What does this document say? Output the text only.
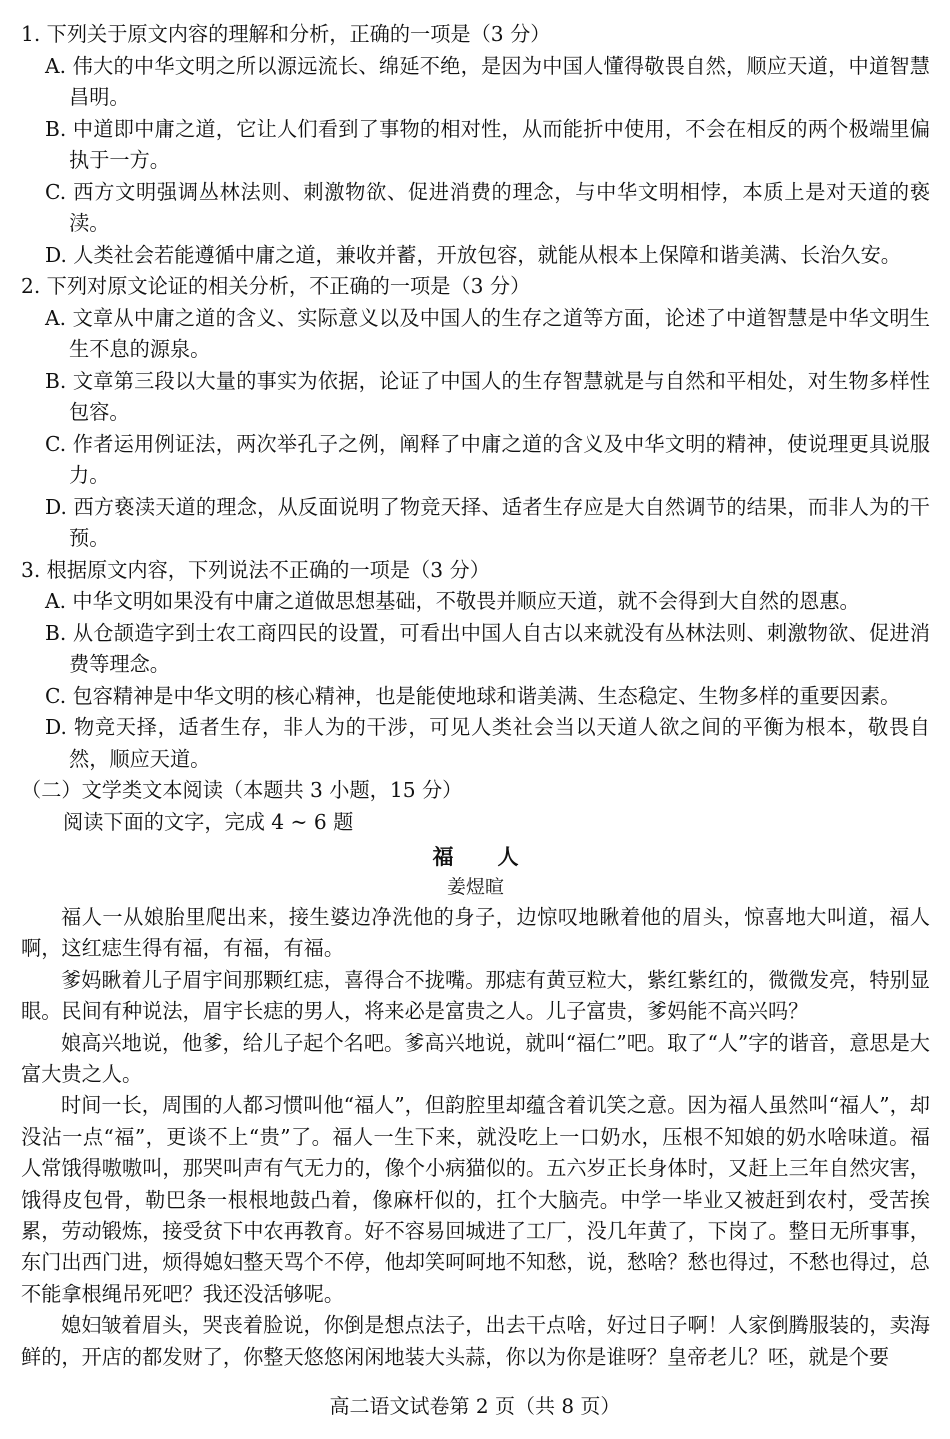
1. 下列关于原文内容的理解和分析，正确的一项是（3 分）

A. 伟大的中华文明之所以源远流长、绵延不绝，是因为中国人懂得敬畏自然，顺应天道，中道智慧昌明。

B. 中道即中庸之道，它让人们看到了事物的相对性，从而能折中使用，不会在相反的两个极端里偏执于一方。

C. 西方文明强调丛林法则、刺激物欲、促进消费的理念，与中华文明相悖，本质上是对天道的亵渎。

D. 人类社会若能遵循中庸之道，兼收并蓄，开放包容，就能从根本上保障和谐美满、长治久安。

2. 下列对原文论证的相关分析，不正确的一项是（3 分）

A. 文章从中庸之道的含义、实际意义以及中国人的生存之道等方面，论述了中道智慧是中华文明生生不息的源泉。

B. 文章第三段以大量的事实为依据，论证了中国人的生存智慧就是与自然和平相处，对生物多样性包容。

C. 作者运用例证法，两次举孔子之例，阐释了中庸之道的含义及中华文明的精神，使说理更具说服力。

D. 西方亵渎天道的理念，从反面说明了物竞天择、适者生存应是大自然调节的结果，而非人为的干预。

3. 根据原文内容，下列说法不正确的一项是（3 分）

A. 中华文明如果没有中庸之道做思想基础，不敬畏并顺应天道，就不会得到大自然的恩惠。

B. 从仓颉造字到士农工商四民的设置，可看出中国人自古以来就没有丛林法则、刺激物欲、促进消费等理念。

C. 包容精神是中华文明的核心精神，也是能使地球和谐美满、生态稳定、生物多样的重要因素。

D. 物竞天择，适者生存，非人为的干涉，可见人类社会当以天道人欲之间的平衡为根本，敬畏自然，顺应天道。

（二）文学类文本阅读（本题共 3 小题，15 分）

阅读下面的文字，完成 4 ~ 6 题

福人

姜煜暄

福人一从娘胎里爬出来，接生婆边净洗他的身子，边惊叹地瞅着他的眉头，惊喜地大叫道，福人啊，这红痣生得有福，有福，有福。

爹妈瞅着儿子眉宇间那颗红痣，喜得合不拢嘴。那痣有黄豆粒大，紫红紫红的，微微发亮，特别显眼。民间有种说法，眉宇长痣的男人，将来必是富贵之人。儿子富贵，爹妈能不高兴吗？

娘高兴地说，他爹，给儿子起个名吧。爹高兴地说，就叫“福仁”吧。取了“人”字的谐音，意思是大富大贵之人。

时间一长，周围的人都习惯叫他“福人”，但韵腔里却蕴含着讥笑之意。因为福人虽然叫“福人”，却没沾一点“福”，更谈不上“贵”了。福人一生下来，就没吃上一口奶水，压根不知娘的奶水啥味道。福人常饿得嗷嗷叫，那哭叫声有气无力的，像个小病猫似的。五六岁正长身体时，又赶上三年自然灾害，饿得皮包骨，勒巴条一根根地鼓凸着，像麻杆似的，扛个大脑壳。中学一毕业又被赶到农村，受苦挨累，劳动锻炼，接受贫下中农再教育。好不容易回城进了工厂，没几年黄了，下岗了。整日无所事事，东门出西门进，烦得媳妇整天骂个不停，他却笑呵呵地不知愁，说，愁啥？愁也得过，不愁也得过，总不能拿根绳吊死吧？我还没活够呢。

媳妇皱着眉头，哭丧着脸说，你倒是想点法子，出去干点啥，好过日子啊！人家倒腾服装的，卖海鲜的，开店的都发财了，你整天悠悠闲闲地装大头蒜，你以为你是谁呀？皇帝老儿？呸，就是个要

高二语文试卷第 2 页（共 8 页）
